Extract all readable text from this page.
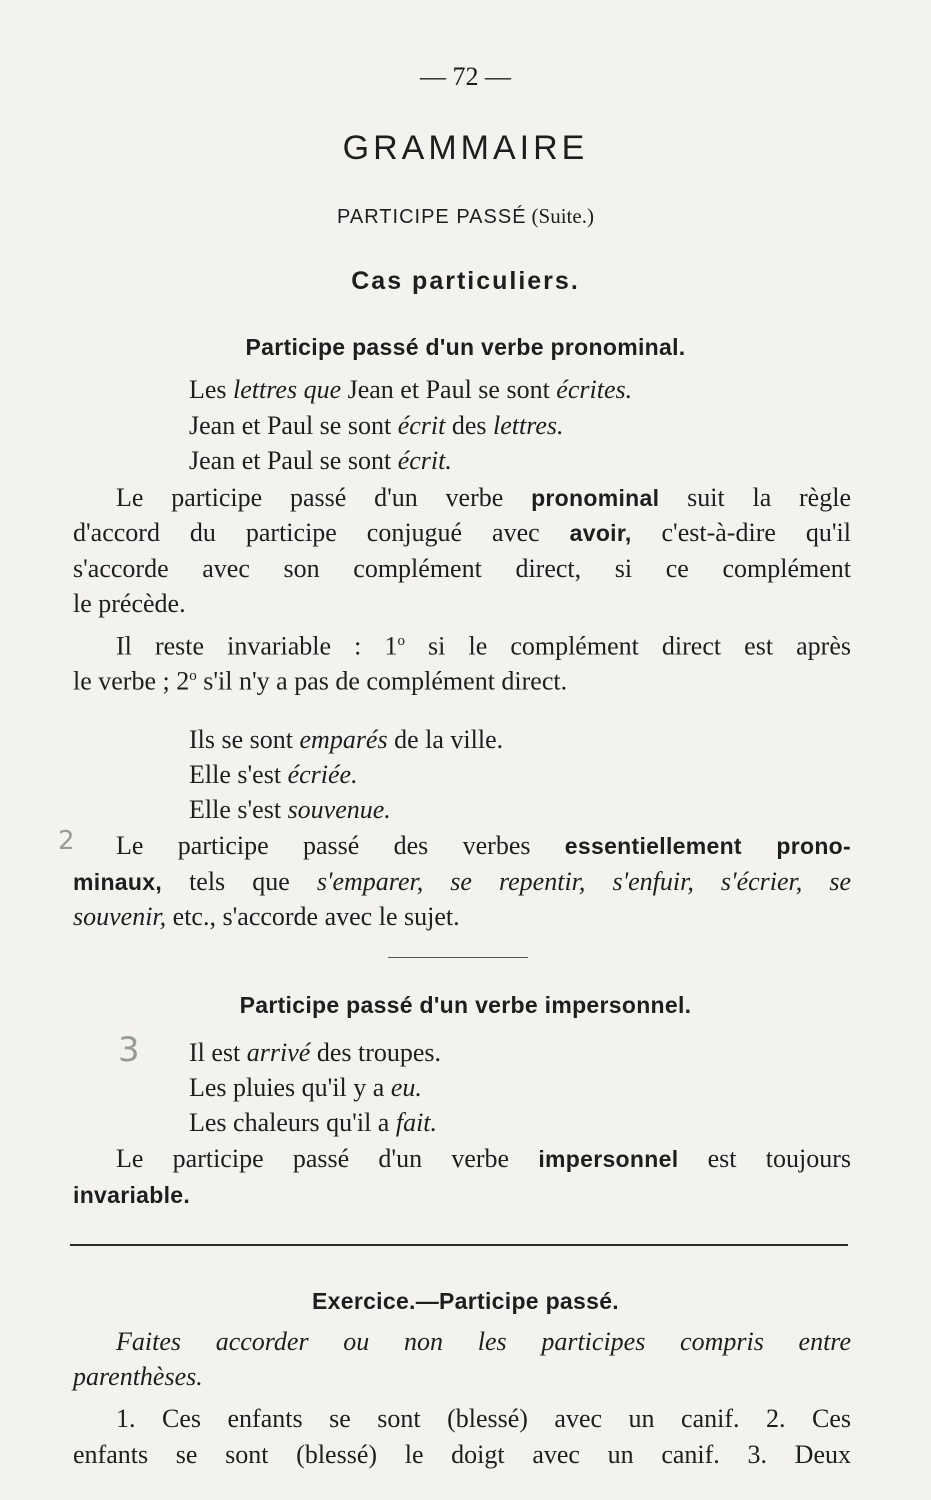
— 72 —
GRAMMAIRE
PARTICIPE PASSÉ (Suite.)
Cas particuliers.
Participe passé d'un verbe pronominal.
Les lettres que Jean et Paul se sont écrites.
Jean et Paul se sont écrit des lettres.
Jean et Paul se sont écrit.
Le participe passé d'un verbe pronominal suit la règle
d'accord du participe conjugué avec avoir, c'est-à-dire qu'il
s'accorde avec son complément direct, si ce complément
le précède.
Il reste invariable : 1$^o$ si le complément direct est après
le verbe ; 2$^o$ s'il n'y a pas de complément direct.
Ils se sont emparés de la ville.
Elle s'est écriée.
Elle s'est souvenue.
2 Le participe passé des verbes essentiellement prono-
minaux, tels que s'emparer, se repentir, s'enfuir, s'écrier, se
souvenir, etc., s'accorde avec le sujet.
Participe passé d'un verbe impersonnel.
3 Il est arrivé des troupes.
Les pluies qu'il y a eu.
Les chaleurs qu'il a fait.
Le participe passé d'un verbe impersonnel est toujours
invariable.
Exercice.—Participe passé.
Faites accorder ou non les participes compris entre
parenthèses.
1. Ces enfants se sont (blessé) avec un canif. 2. Ces
enfants se sont (blessé) le doigt avec un canif. 3. Deux
